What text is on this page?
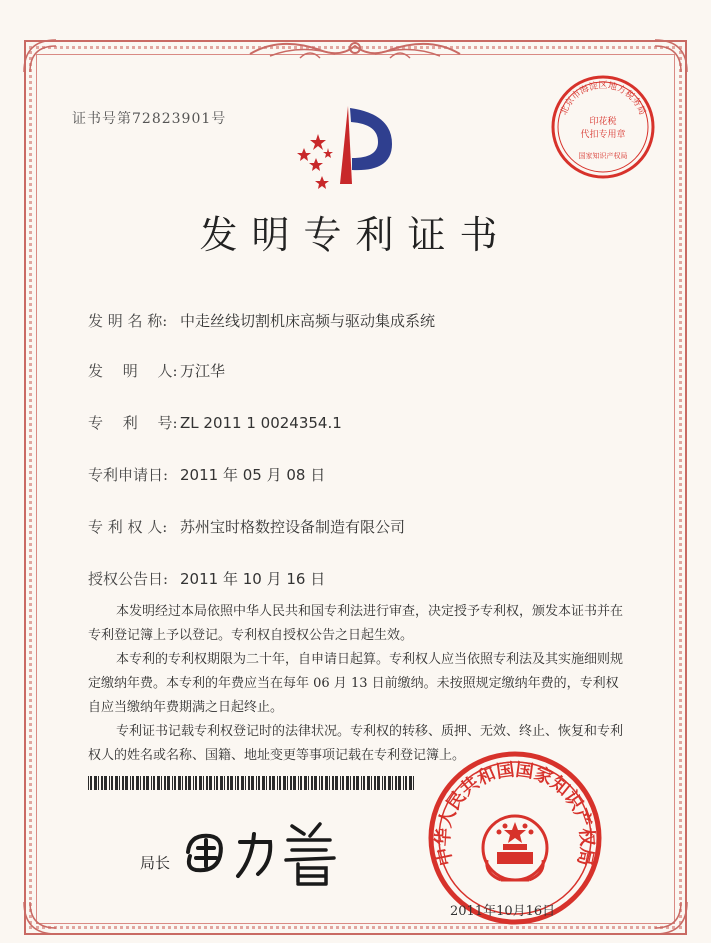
证书号第72823901号
发明专利证书
发 明 名 称: 中走丝线切割机床高频与驱动集成系统
发　 明　 人: 万江华
专　 利　 号: ZL 2011 1 0024354.1
专利申请日: 2011 年 05 月 08 日
专 利 权 人: 苏州宝时格数控设备制造有限公司
授权公告日: 2011 年 10 月 16 日

本发明经过本局依照中华人民共和国专利法进行审查，决定授予专利权，颁发本证书并在专利登记簿上予以登记。专利权自授权公告之日起生效。

本专利的专利权期限为二十年，自申请日起算。专利权人应当依照专利法及其实施细则规定缴纳年费。本专利的年费应当在每年 06 月 13 日前缴纳。未按照规定缴纳年费的，专利权自应当缴纳年费期满之日起终止。

专利证书记载专利权登记时的法律状况。专利权的转移、质押、无效、终止、恢复和专利权人的姓名或名称、国籍、地址变更等事项记载在专利登记簿上。

局长
北京市海淀区地方税务局
印花税
代扣专用章
国家知识产权局
中华人民共和国国家知识产权局
2011年10月16日
